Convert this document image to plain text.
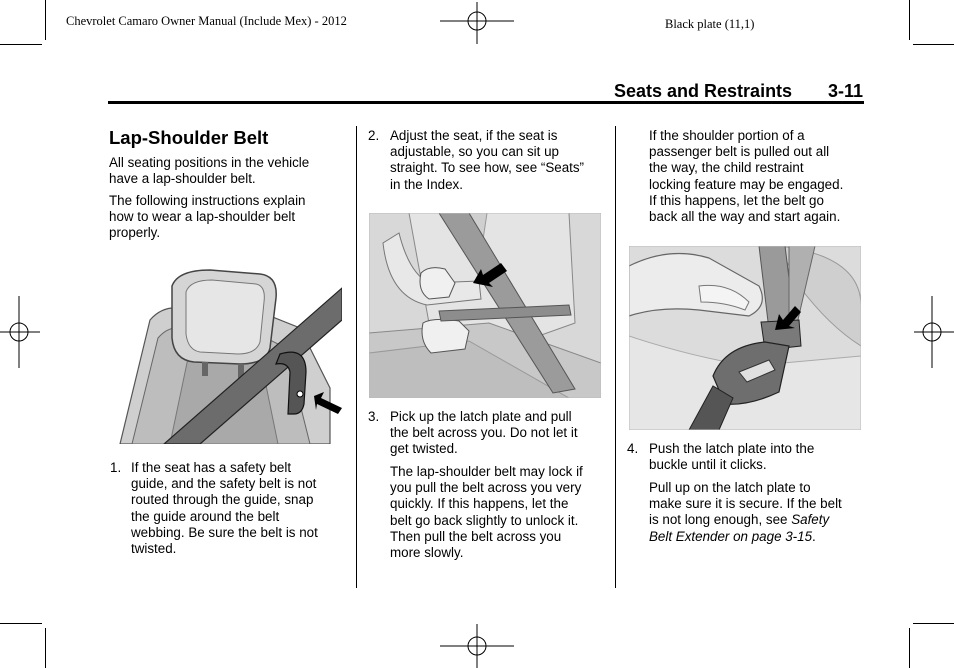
Chevrolet Camaro Owner Manual (Include Mex) - 2012	Black plate (11,1)
Seats and Restraints 3-11
Lap-Shoulder Belt
All seating positions in the vehicle
have a lap-shoulder belt.
The following instructions explain
how to wear a lap-shoulder belt
properly.
1. If the seat has a safety belt
guide, and the safety belt is not
routed through the guide, snap
the guide around the belt
webbing. Be sure the belt is not
twisted.
2. Adjust the seat, if the seat is
adjustable, so you can sit up
straight. To see how, see “Seats”
in the Index.
3. Pick up the latch plate and pull
the belt across you. Do not let it
get twisted.
The lap-shoulder belt may lock if
you pull the belt across you very
quickly. If this happens, let the
belt go back slightly to unlock it.
Then pull the belt across you
more slowly.
If the shoulder portion of a
passenger belt is pulled out all
the way, the child restraint
locking feature may be engaged.
If this happens, let the belt go
back all the way and start again.
4. Push the latch plate into the
buckle until it clicks.
Pull up on the latch plate to
make sure it is secure. If the belt
is not long enough, see Safety
Belt Extender on page 3-15.
